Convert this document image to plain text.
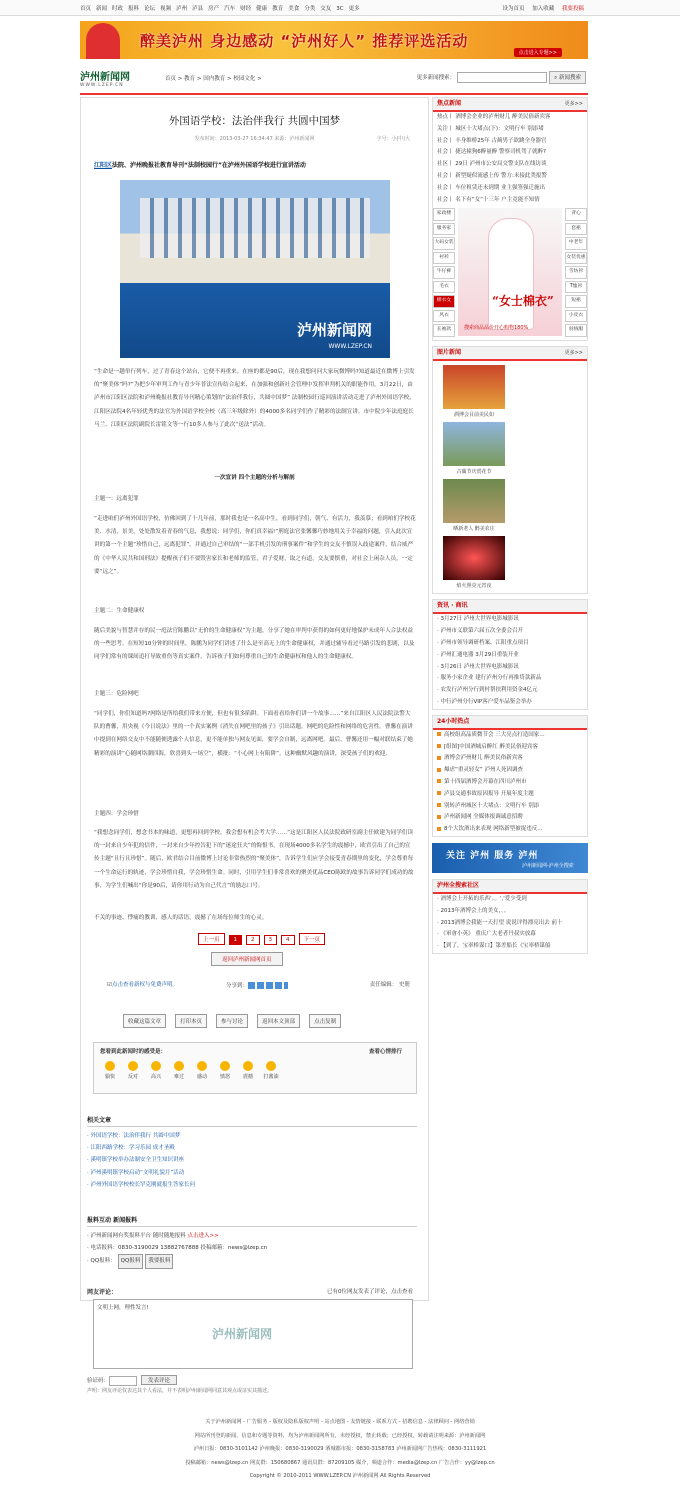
首页 新闻 时政 报料 论坛 视频 泸州 泸县 房产 汽车 财经 健康 教育 美食 分类 交友 3C 更多	设为首页 加入收藏 我要投稿
醉美泸州 身边感动 “泸州好人” 推荐评选活动
点击进入专题>>
泸州新闻网
WWW.LZEP.CN
首页 > 教育 > 国内教育 > 校园文化 >	更多新闻搜索：	⌕ 新闻搜索
外国语学校：法治伴我行 共圆中国梦
发布时间：2013-03-27 16:34:47 来源：泸州新闻网	字号：小|中|大
江阳区法院、泸州晚报社教育导刊“法制校园行”在泸州外国语学校进行宣讲活动
泸州新闻网
WWW.LZEP.CN
“生命是一趟単行列车，过了青春这个站台，它便不再重来。在座的都是90后，现在我想问问大家玩微博吗?知道最近在微博上引发的“聚美体”吗?”为把少年审判工作与青少年普法宣传结合起来，在加强和创新社会管理中发挥审判机关的职能作用，3月22日，由泸州市江阳区法院和泸州晚报社教育导刊精心策划的“法治伴我行，共圆中国梦” 法制校园行巡回演讲活动走进了泸州外国语学校，江阳区法院4名年轻优秀的法官为外国语学校全校（高三年级除外）的4000多名同学们作了精彩的法制宣讲。市中院少年法庭庭长马兰、江阳区法院副院长雷铭文等一行10多人参与了此次“送法”活动。
一次宣讲 四个主题的分析与解剖
主题一：远离犯罪
“走进咱们泸州外国语学校，仿佛回到了十几年前，那时我也是一名高中生，看到同学们，朝气、有活力，我羡慕；看到咱们学校花美、水清，景美，处处散发着青春的气息，我想说：同学们，你们真幸福!”刑庭法官张馨馨巧妙地用关于幸福的问题，引入此次宣讲的第一个主题“珍惜自己，远离犯罪”。并通过自己审结的“一部手机引发的刑事案件”和学生的交友不慎误入歧途案件，结合威严的《中华人民共和国刑法》提醒孩子们不要毁害家长和老师的监管，君子爱财，取之有道，交友要慎重，对社会上闲杂人员，一定要“远之”。
主题二：生命健康权
随后美貌与智慧并存的民一庭法官陈鹏以“无价的生命健康权”为主题，分享了她在审判中获得的如何更好地保护未成年人合法权益的一些思考。在短短10分钟的时间里，陈鹏为同学们讲述了什么是至高无上的生命健康权，并通过辅导看过马路引发的悲剧，以及同学们常有的课间追打导致重伤等真实案件，告诉孩子们如何尊重自己的生命健康权和他人的生命健康权。
主题三：危险网吧
“同学们，你们知道吗?网络是所给我们带来方便，但也有很多陷阱。下面看看给你们讲一个故事……”来自江阳区人民法院法警大队的曹馨，用央视《今日说法》里的一个真实案例《消失在网吧里的孩子》引出话题，网吧的危险性和网络的危害性。曹馨在演讲中提到在网络交友中不能随便透露个人信息，更不能单独与网友见面，要学会自制，远离网吧。最后，曹馨还用一幅对联结束了她精彩的演讲“心随网络潮四海，欣喜到头一场空”，横批：“小心网上有陷阱”。这种幽默风趣的演讲，深受孩子们的欢迎。
主题四：学会珍惜
“我想念同学们，想念书本的味道，更想再回到学校，我会想有机会考大学……”这是江阳区人民法院政研室副主任欧建为同学们读的一封来自少年犯的信件，一封来自少年控告犯下的“迷途狂夫”的悔恨书。在现场4000多名学生的震撼中，欧君引出了自己的宣传主题“且行且珍惜”。随后，欧君结合目前微博上讨论非常热烈的“聚美体”，告诉学生们应学会接受青春期里的变化，学会尊重每一个生命运行的轨迹，学会珍惜自我，学会珍惜生命。同时，引用学生们非常喜欢的聚美优品CEO陈欧的故事告诉同学们成功的故事，为学生们喊出“你是90后，请你用行动为自己代言”的励志口号。
不关的事迹、悸痛的教训、感人的话语，震撼了在场每位师生的心灵。
上一页	1	2	3	4	下一页
返回泸州新闻网首页
☑点击查看新权与免费声明。	分享到：	责任编辑： 史册
收藏这篇文章	打印本页	参与讨论	返回本文顶部	点击复制
您看到此新闻时的感受是：	查看心情排行
愉快	反对	高兴	难过	感动	愤怒	震撼 打酱油
相关文章
· 外国语学校：法治伴我行 共圆中国梦
· 江阳西路学校：学习乐园 成才圣殿
· 溪明镇学校举办法制安全卫生知识讲座
· 泸州溪明镇学校启动“文明礼貌月”活动
· 泸州外国语学校校长罕克刚就报生答家长问
报料互动 新闻报料
· 泸州新闻网有奖报料平台 随时随地报料 点击进入>>
· 电话报料：0830-3190029 13882767888 投稿邮箱：news@lzep.cn
· QQ报料： QQ报料 我要报料
网友评论：	已有0位网友发表了评论，点击查看
文明上网，理性发言!
泸州新闻网
验证码：	发表评论
声明：网友评论仅表达其个人看法，并不表明泸州新闻网同意其观点或证实其描述。
焦点新闻	更多>>
热点丨 酒博会企业的泸州财儿 醉美民俗新宾客
关注丨 城区十大堵点(下)：文明行车 别添堵
社会丨 丰身维桥25年 古蔺男子欲跳全身器官
社会丨 捷达撞狗6醉量醉 警察司机驾了就醉?
社区丨 29日 泸州市公安局交警支队在线访谈
社会丨 新型疑似流感上传 警方:未接此类报警
社会丨 车位租赁还未到期 业主强签强迁施出
社会丨 名下有“女”十三年 户主竟能不知情
家政楼
服务家
大码女装
衬衫
牛仔裤
毛衣
棉衣女
风衣
长袖款
“女士棉衣”
搜索商品品价开心购物180%
背心
套裙
中老年
女装优惠
雪纺衫
T恤衫
短裙
小皮衣
羽绒服
图片新闻	更多>>
酒博会目前美民如
古蔺节庆赏花节
晒新老人 醉美农庄
焰火照亮元宵夜
资讯 · 商讯
· 3月27日 泸州大世界电影城影讯
· 泸州市义联第六届五次全委会召开
· 泸州市领导调研档案、江阳重点项目
· 泸州汇通电器 3月29日重装开业
· 3月26日 泸州大世界电影城影讯
· 服务小家企业 建行泸州分行再推贷款新品
· 农发行泸州分行到村帮扶利用资金4亿元
· 中行泸州分行VIP客户爱车品鉴会举办
24小时热点
高校组高品质微节会 三大亮点打造国家…
[组图]中国酒城启醉红 醉美民俗迎宾客
酒博会泸州财儿 醉美民俗新宾客
爆虐“重灵轻女” 泸州人死因调查
第十四届酒博会开幕在四川泸州市
泸县交通事故原因报导 开展年度主题
别转泸州城区十大堵点：文明行车 别添
泸州新闻网 全媒体报调诚意招聘
8个大饮酒出来表现 网络新型被捉违反...
关注 泸州 服务 泸州
泸州新闻网-泸州全搜索
泸州全搜索社区
· 酒博会上开拓的乐西‘。。','爱少受到
· 2013年酒博会上的美女，。。
· 2013酒博会我能一天打望 说说评得漂亮出去 前十
· 《軍會小英》 重庆广大老者丹叔实放幕
· 【到了，宝率桥谋口】第差船长《宝率桥谋船
关于泸州新闻网 - 广告服务 - 版权及隐私版权声明 - 站点地图 - 友情链接 - 联系方式 - 招聘信息 - 法律顾问 - 网络营销
网站所刊登的新闻、信息和专题等资料，均为泸州新闻网所有，未经授权，禁止转载；已经授权，转载请注明来源：泸州新闻网
泸州日报：0830-3101142 泸州晚报：0830-3190029 酒城都市报：0830-3158783 泸州新闻网广告热线：0830-3111921
投稿邮箱：news@lzep.cn 网友群：150680867 通讯员群：87209105 媒介，频道合作：media@lzep.cn 广告合作：yy@lzep.cn
Copyright © 2010-2011 WWW.LZEP.CN 泸州新闻网 All Rights Reserved
